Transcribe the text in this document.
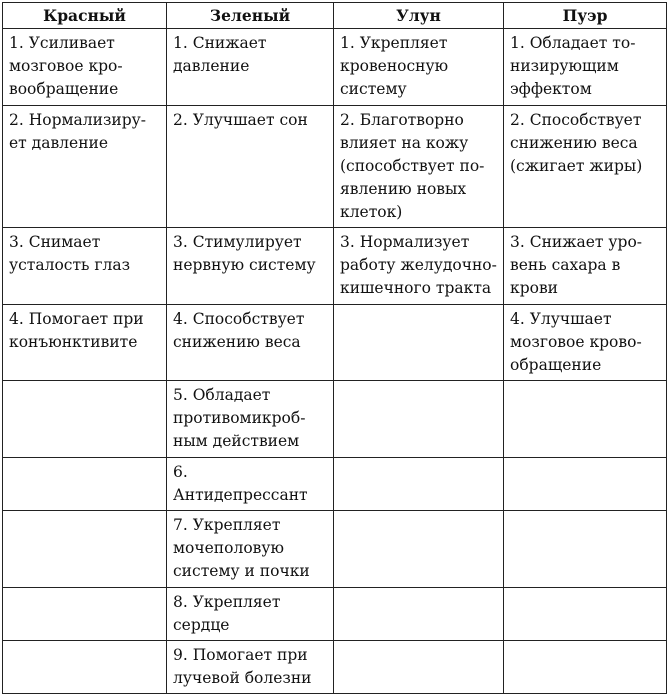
Красный	Зеленый	Улун	Пуэр

1. Усиливает
мозговое кро-
вообращение	1. Снижает
давление	1. Укрепляет
кровеносную
систему	1. Обладает то-
низирующим
эффектом

2. Нормализиру-
ет давление	2. Улучшает сон	2. Благотворно
влияет на кожу
(способствует по-
явлению новых
клеток)	2. Способствует
снижению веса
(сжигает жиры)

3. Снимает
усталость глаз	3. Стимулирует
нервную систему	3. Нормализует
работу желудочно-
кишечного тракта	3. Снижает уро-
вень сахара в
крови

4. Помогает при
конъюнктивите	4. Способствует
снижению веса		4. Улучшает
мозговое крово-
обращение

	5. Обладает
противомикроб-
ным действием		

	6. Антидепрессант		

	7. Укрепляет
мочеполовую
систему и почки		

	8. Укрепляет
сердце		

	9. Помогает при
лучевой болезни		
